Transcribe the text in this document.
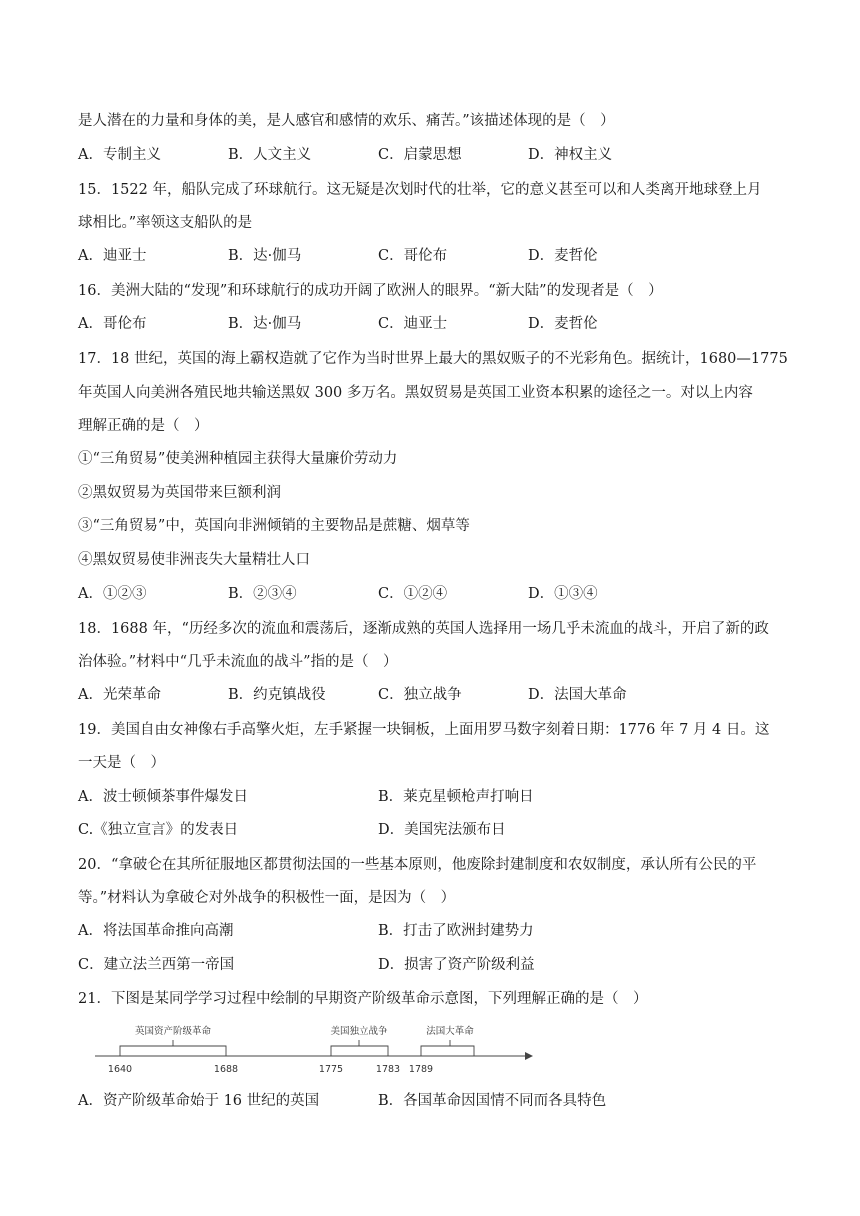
是人潜在的力量和身体的美，是人感官和感情的欢乐、痛苦。”该描述体现的是（　）
A．专制主义	B．人文主义	C．启蒙思想	D．神权主义
15．1522 年，船队完成了环球航行。这无疑是次划时代的壮举，它的意义甚至可以和人类离开地球登上月
球相比。”率领这支船队的是
A．迪亚士	B．达·伽马	C．哥伦布	D．麦哲伦
16．美洲大陆的“发现”和环球航行的成功开阔了欧洲人的眼界。“新大陆”的发现者是（　）
A．哥伦布	B．达·伽马	C．迪亚士	D．麦哲伦
17．18 世纪，英国的海上霸权造就了它作为当时世界上最大的黑奴贩子的不光彩角色。据统计，1680—1775
年英国人向美洲各殖民地共输送黑奴 300 多万名。黑奴贸易是英国工业资本积累的途径之一。对以上内容
理解正确的是（　）
①“三角贸易”使美洲种植园主获得大量廉价劳动力
②黑奴贸易为英国带来巨额利润
③“三角贸易”中，英国向非洲倾销的主要物品是蔗糖、烟草等
④黑奴贸易使非洲丧失大量精壮人口
A．①②③	B．②③④	C．①②④	D．①③④
18．1688 年，“历经多次的流血和震荡后，逐渐成熟的英国人选择用一场几乎未流血的战斗，开启了新的政
治体验。”材料中“几乎未流血的战斗”指的是（　）
A．光荣革命	B．约克镇战役	C．独立战争	D．法国大革命
19．美国自由女神像右手高擎火炬，左手紧握一块铜板，上面用罗马数字刻着日期：1776 年 7 月 4 日。这
一天是（　）
A．波士顿倾茶事件爆发日	B．莱克星顿枪声打响日
C.《独立宣言》的发表日	D．美国宪法颁布日
20．“拿破仑在其所征服地区都贯彻法国的一些基本原则，他废除封建制度和农奴制度，承认所有公民的平
等。”材料认为拿破仑对外战争的积极性一面，是因为（　）
A．将法国革命推向高潮	B．打击了欧洲封建势力
C．建立法兰西第一帝国	D．损害了资产阶级利益
21．下图是某同学学习过程中绘制的早期资产阶级革命示意图，下列理解正确的是（　）
A．资产阶级革命始于 16 世纪的英国	B．各国革命因国情不同而各具特色
英国资产阶级革命
1640	1688
美国独立战争
1775	1783
法国大革命
1789
